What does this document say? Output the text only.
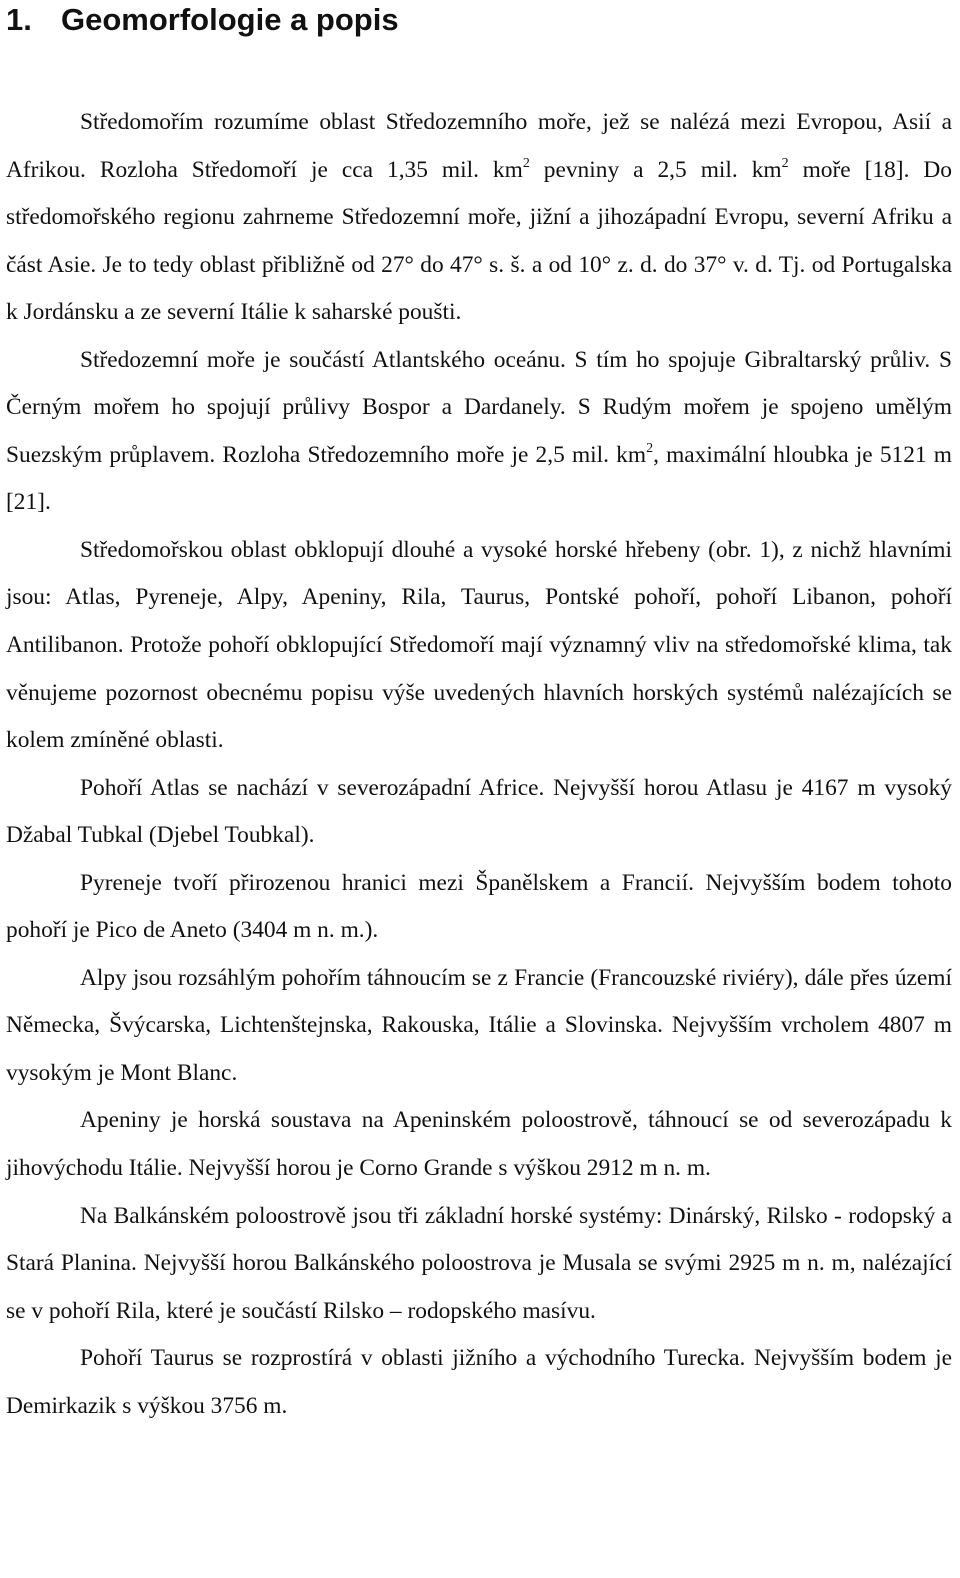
1. Geomorfologie a popis

Středomořím rozumíme oblast Středozemního moře, jež se nalézá mezi Evropou, Asií a Afrikou. Rozloha Středomoří je cca 1,35 mil. $km^2$ pevniny a 2,5 mil. $km^2$ moře [18]. Do středomořského regionu zahrneme Středozemní moře, jižní a jihozápadní Evropu, severní Afriku a část Asie. Je to tedy oblast přibližně od 27° do 47° s. š. a od 10° z. d. do 37° v. d. Tj. od Portugalska k Jordánsku a ze severní Itálie k saharské poušti.

Středozemní moře je součástí Atlantského oceánu. S tím ho spojuje Gibraltarský průliv. S Černým mořem ho spojují průlivy Bospor a Dardanely. S Rudým mořem je spojeno umělým Suezským průplavem. Rozloha Středozemního moře je 2,5 mil. $km^2$, maximální hloubka je 5121 m [21].

Středomořskou oblast obklopují dlouhé a vysoké horské hřebeny (obr. 1), z nichž hlavními jsou: Atlas, Pyreneje, Alpy, Apeniny, Rila, Taurus, Pontské pohoří, pohoří Libanon, pohoří Antilibanon. Protože pohoří obklopující Středomoří mají významný vliv na středomořské klima, tak věnujeme pozornost obecnému popisu výše uvedených hlavních horských systémů nalézajících se kolem zmíněné oblasti.

Pohoří Atlas se nachází v severozápadní Africe. Nejvyšší horou Atlasu je 4167 m vysoký Džabal Tubkal (Djebel Toubkal).

Pyreneje tvoří přirozenou hranici mezi Španělskem a Francií. Nejvyšším bodem tohoto pohoří je Pico de Aneto (3404 m n. m.).

Alpy jsou rozsáhlým pohořím táhnoucím se z Francie (Francouzské riviéry), dále přes území Německa, Švýcarska, Lichtenštejnska, Rakouska, Itálie a Slovinska. Nejvyšším vrcholem 4807 m vysokým je Mont Blanc.

Apeniny je horská soustava na Apeninském poloostrově, táhnoucí se od severozápadu k jihovýchodu Itálie. Nejvyšší horou je Corno Grande s výškou 2912 m n. m.

Na Balkánském poloostrově jsou tři základní horské systémy: Dinárský, Rilsko - rodopský a Stará Planina. Nejvyšší horou Balkánského poloostrova je Musala se svými 2925 m n. m, nalézající se v pohoří Rila, které je součástí Rilsko – rodopského masívu.

Pohoří Taurus se rozprostírá v oblasti jižního a východního Turecka. Nejvyšším bodem je Demirkazik s výškou 3756 m.
